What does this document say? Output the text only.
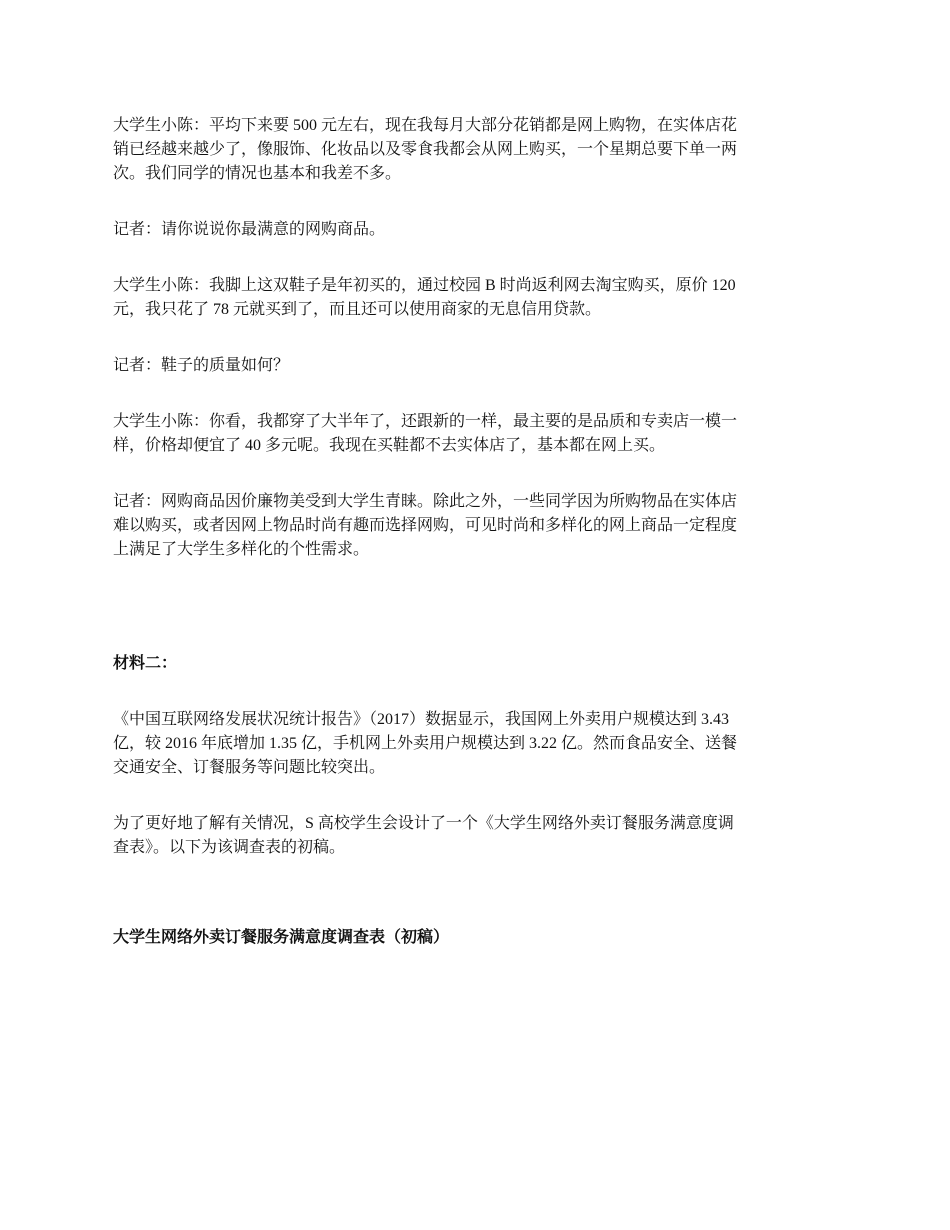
大学生小陈：平均下来要 500 元左右，现在我每月大部分花销都是网上购物，在实体店花
销已经越来越少了，像服饰、化妆品以及零食我都会从网上购买，一个星期总要下单一两
次。我们同学的情况也基本和我差不多。

记者：请你说说你最满意的网购商品。

大学生小陈：我脚上这双鞋子是年初买的，通过校园 B 时尚返利网去淘宝购买，原价 120
元，我只花了 78 元就买到了，而且还可以使用商家的无息信用贷款。

记者：鞋子的质量如何？

大学生小陈：你看，我都穿了大半年了，还跟新的一样，最主要的是品质和专卖店一模一
样，价格却便宜了 40 多元呢。我现在买鞋都不去实体店了，基本都在网上买。

记者：网购商品因价廉物美受到大学生青睐。除此之外，一些同学因为所购物品在实体店
难以购买，或者因网上物品时尚有趣而选择网购，可见时尚和多样化的网上商品一定程度
上满足了大学生多样化的个性需求。

材料二：

《中国互联网络发展状况统计报告》（2017）数据显示，我国网上外卖用户规模达到 3.43
亿，较 2016 年底增加 1.35 亿，手机网上外卖用户规模达到 3.22 亿。然而食品安全、送餐
交通安全、订餐服务等问题比较突出。

为了更好地了解有关情况，S 高校学生会设计了一个《大学生网络外卖订餐服务满意度调
查表》。以下为该调查表的初稿。

大学生网络外卖订餐服务满意度调查表（初稿）
